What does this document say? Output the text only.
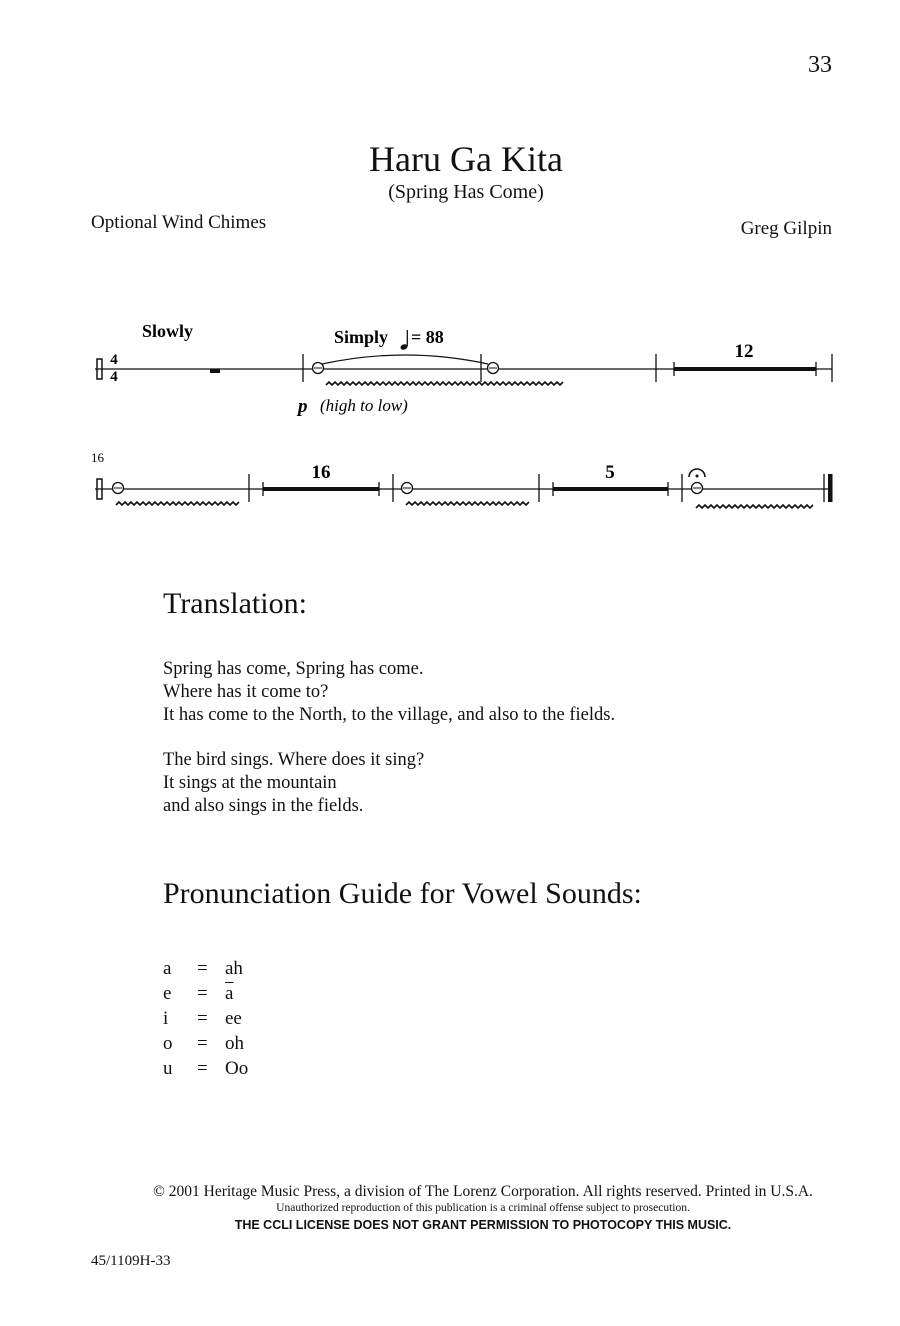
33
Haru Ga Kita
(Spring Has Come)
Optional Wind Chimes	Greg Gilpin
4
4
Slowly	Simply = 88
p (high to low)
12
16
16	5
Translation:
Spring has come, Spring has come.
Where has it come to?
It has come to the North, to the village, and also to the fields.
The bird sings. Where does it sing?
It sings at the mountain
and also sings in the fields.
Pronunciation Guide for Vowel Sounds:
a	= ah
e	= $\overline{a}$
i	= ee
o	= oh
u	= Oo
© 2001 Heritage Music Press, a division of The Lorenz Corporation. All rights reserved. Printed in U.S.A.
Unauthorized reproduction of this publication is a criminal offense subject to prosecution.
THE CCLI LICENSE DOES NOT GRANT PERMISSION TO PHOTOCOPY THIS MUSIC.
45/1109H-33
